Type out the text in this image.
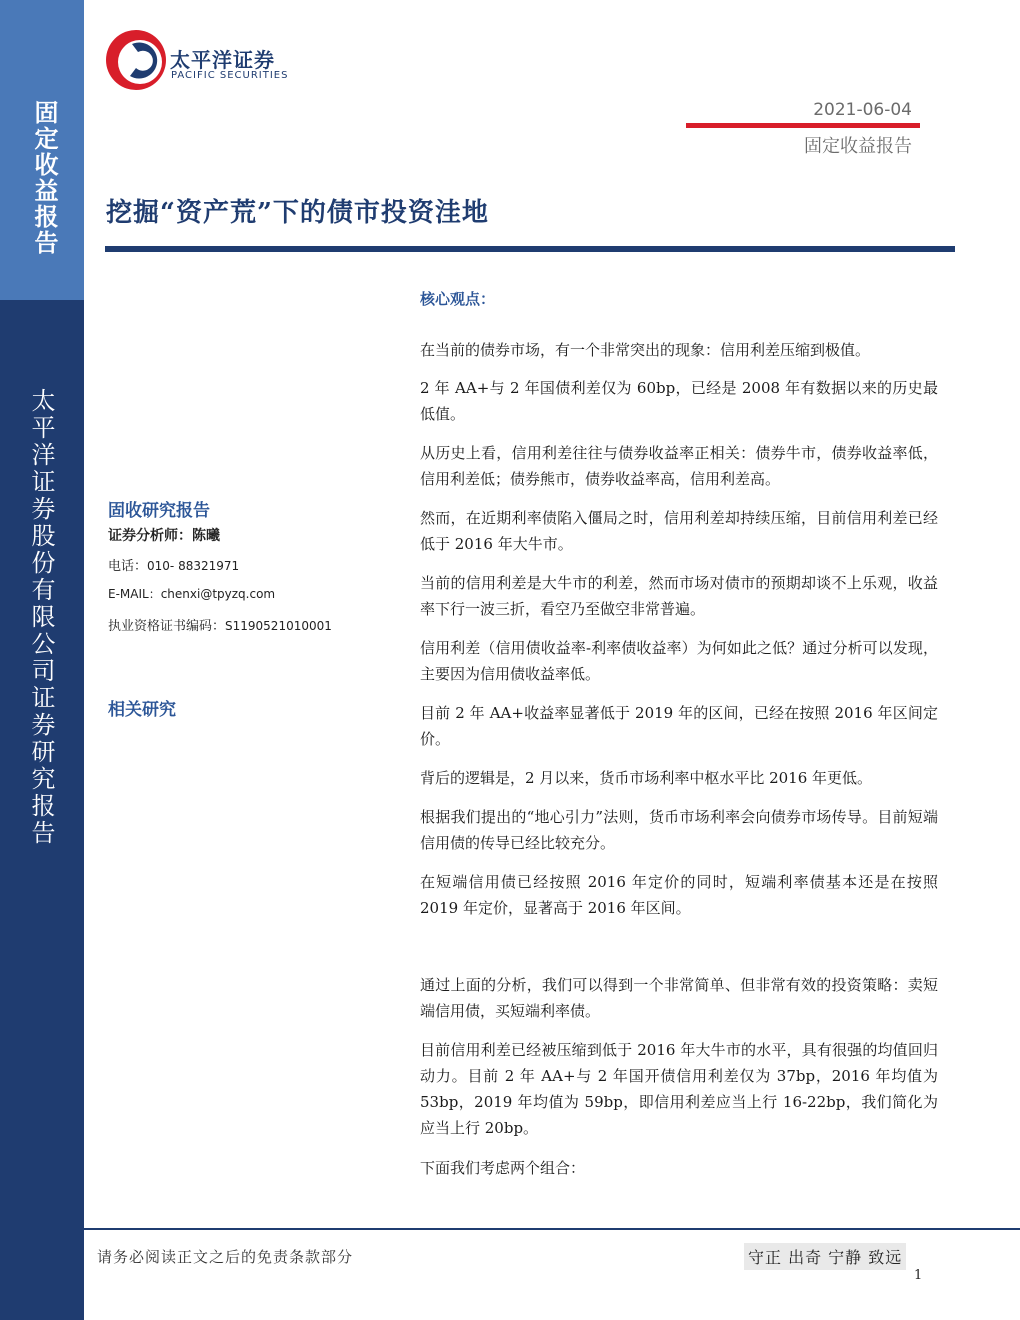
固定收益报告
太平洋证券股份有限公司证券研究报告
太平洋证券
PACIFIC SECURITIES
2021-06-04
固定收益报告
挖掘“资产荒”下的债市投资洼地
固收研究报告
证券分析师：陈曦
电话：010- 88321971
E-MAIL：chenxi@tpyzq.com
执业资格证书编码：S1190521010001
相关研究
核心观点：
在当前的债券市场，有一个非常突出的现象：信用利差压缩到极值。
2 年 AA+与 2 年国债利差仅为 60bp，已经是 2008 年有数据以来的历史最低值。
从历史上看，信用利差往往与债券收益率正相关：债券牛市，债券收益率低，信用利差低；债券熊市，债券收益率高，信用利差高。
然而，在近期利率债陷入僵局之时，信用利差却持续压缩，目前信用利差已经低于 2016 年大牛市。
当前的信用利差是大牛市的利差，然而市场对债市的预期却谈不上乐观，收益率下行一波三折，看空乃至做空非常普遍。
信用利差（信用债收益率-利率债收益率）为何如此之低？通过分析可以发现，主要因为信用债收益率低。
目前 2 年 AA+收益率显著低于 2019 年的区间，已经在按照 2016 年区间定价。
背后的逻辑是，2 月以来，货币市场利率中枢水平比 2016 年更低。
根据我们提出的“地心引力”法则，货币市场利率会向债券市场传导。目前短端信用债的传导已经比较充分。
在短端信用债已经按照 2016 年定价的同时，短端利率债基本还是在按照 2019 年定价，显著高于 2016 年区间。
通过上面的分析，我们可以得到一个非常简单、但非常有效的投资策略：卖短端信用债，买短端利率债。
目前信用利差已经被压缩到低于 2016 年大牛市的水平，具有很强的均值回归动力。目前 2 年 AA+与 2 年国开债信用利差仅为 37bp，2016 年均值为 53bp，2019 年均值为 59bp，即信用利差应当上行 16-22bp，我们简化为应当上行 20bp。
下面我们考虑两个组合：
请务必阅读正文之后的免责条款部分	守正 出奇 宁静 致远
1
